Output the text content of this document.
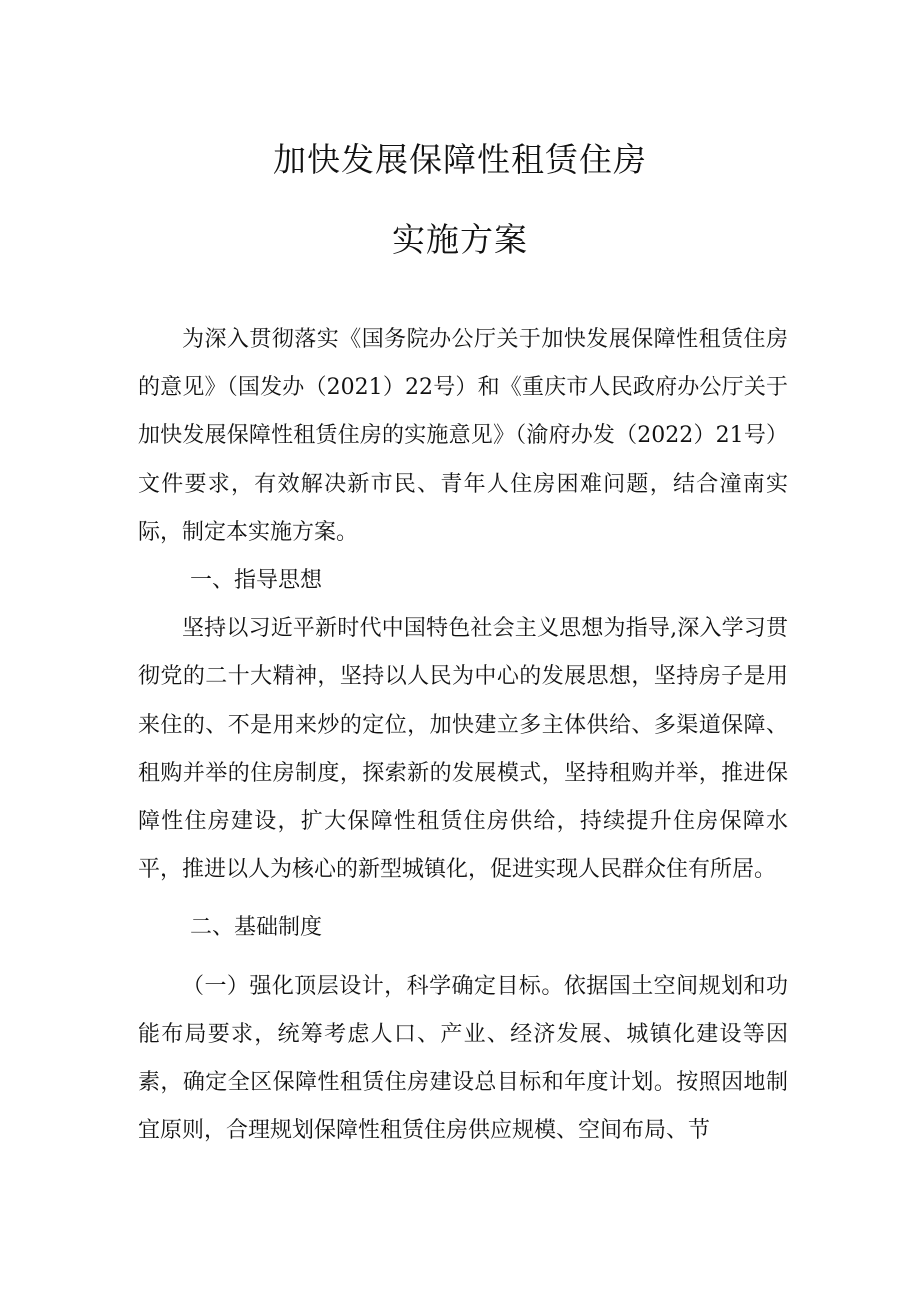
加快发展保障性租赁住房
实施方案

为深入贯彻落实《国务院办公厅关于加快发展保障性租赁住房的意见》（国发办（2021）22号）和《重庆市人民政府办公厅关于加快发展保障性租赁住房的实施意见》（渝府办发（2022）21号）文件要求，有效解决新市民、青年人住房困难问题，结合潼南实际，制定本实施方案。

一、指导思想

坚持以习近平新时代中国特色社会主义思想为指导,深入学习贯彻党的二十大精神，坚持以人民为中心的发展思想，坚持房子是用来住的、不是用来炒的定位，加快建立多主体供给、多渠道保障、租购并举的住房制度，探索新的发展模式，坚持租购并举，推进保障性住房建设，扩大保障性租赁住房供给，持续提升住房保障水平，推进以人为核心的新型城镇化，促进实现人民群众住有所居。

二、基础制度

（一）强化顶层设计，科学确定目标。依据国土空间规划和功能布局要求，统筹考虑人口、产业、经济发展、城镇化建设等因素，确定全区保障性租赁住房建设总目标和年度计划。按照因地制宜原则，合理规划保障性租赁住房供应规模、空间布局、节
